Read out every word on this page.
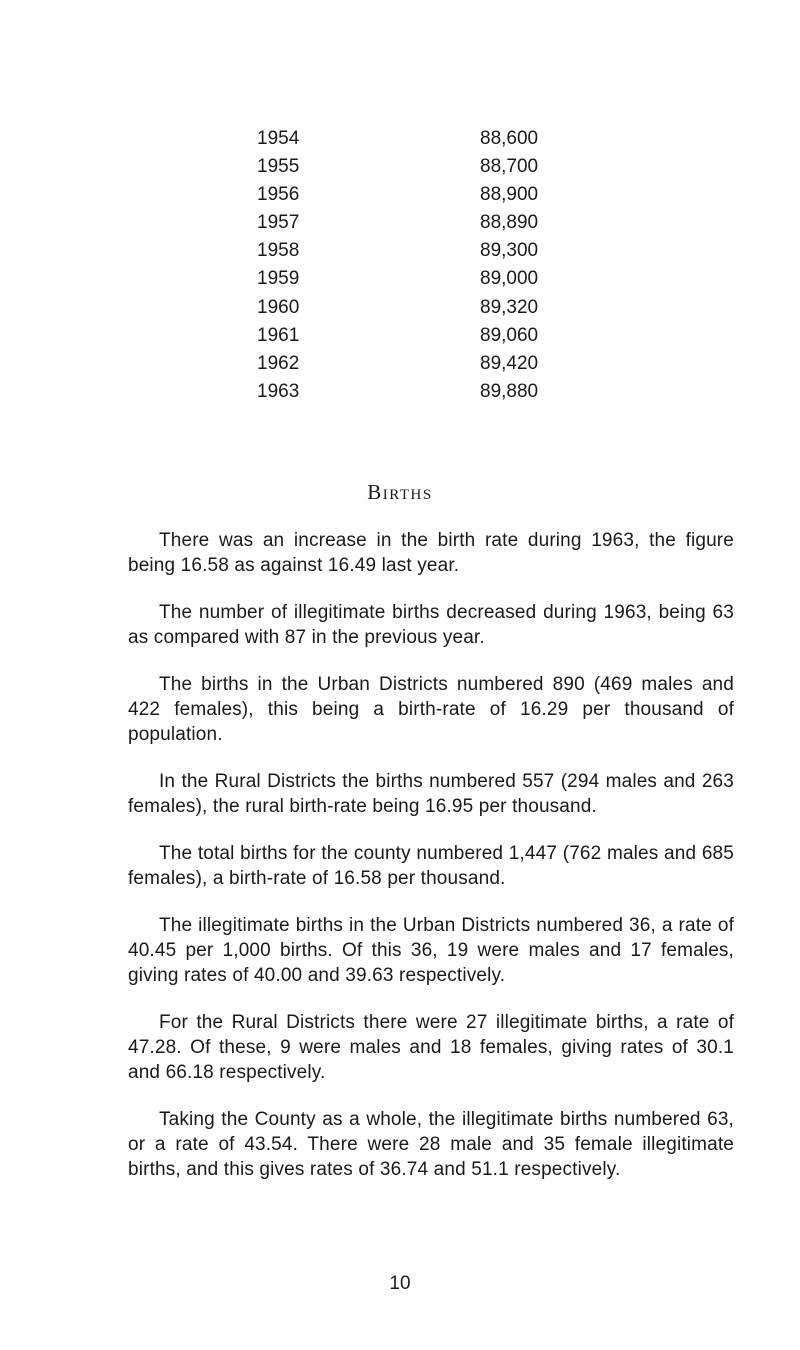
1954	88,600
1955	88,700
1956	88,900
1957	88,890
1958	89,300
1959	89,000
1960	89,320
1961	89,060
1962	89,420
1963	89,880
Births

There was an increase in the birth rate during 1963, the figure being 16.58 as against 16.49 last year.

The number of illegitimate births decreased during 1963, being 63 as compared with 87 in the previous year.

The births in the Urban Districts numbered 890 (469 males and 422 females), this being a birth-rate of 16.29 per thousand of population.

In the Rural Districts the births numbered 557 (294 males and 263 females), the rural birth-rate being 16.95 per thousand.

The total births for the county numbered 1,447 (762 males and 685 females), a birth-rate of 16.58 per thousand.

The illegitimate births in the Urban Districts numbered 36, a rate of 40.45 per 1,000 births. Of this 36, 19 were males and 17 females, giving rates of 40.00 and 39.63 respectively.

For the Rural Districts there were 27 illegitimate births, a rate of 47.28. Of these, 9 were males and 18 females, giving rates of 30.1 and 66.18 respectively.

Taking the County as a whole, the illegitimate births numbered 63, or a rate of 43.54. There were 28 male and 35 female illegitimate births, and this gives rates of 36.74 and 51.1 respectively.

10
